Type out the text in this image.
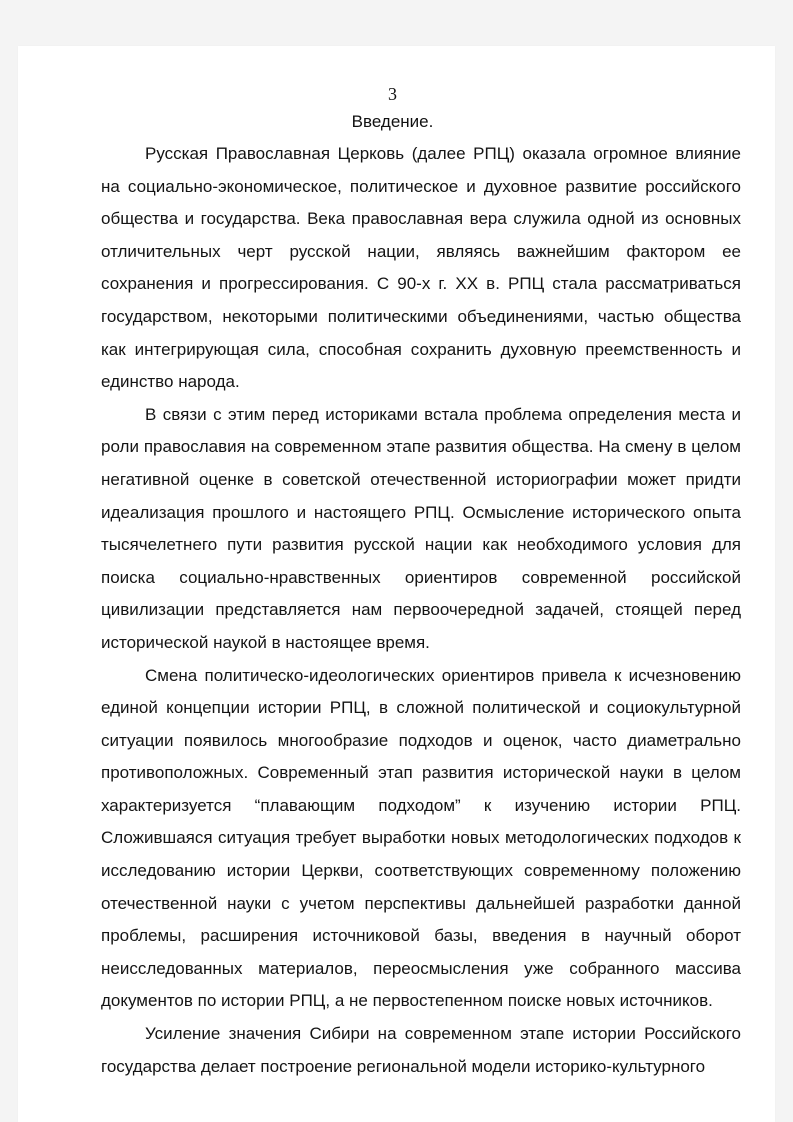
3
Введение.

Русская Православная Церковь (далее РПЦ) оказала огромное влияние на социально-экономическое, политическое и духовное развитие российского общества и государства. Века православная вера служила одной из основных отличительных черт русской нации, являясь важнейшим фактором ее сохранения и прогрессирования. С 90-х г. XX в. РПЦ стала рассматриваться государством, некоторыми политическими объединениями, частью общества как интегрирующая сила, способная сохранить духовную преемственность и единство народа.

В связи с этим перед историками встала проблема определения места и роли православия на современном этапе развития общества. На смену в целом негативной оценке в советской отечественной историографии может придти идеализация прошлого и настоящего РПЦ. Осмысление исторического опыта тысячелетнего пути развития русской нации как необходимого условия для поиска социально-нравственных ориентиров современной российской цивилизации представляется нам первоочередной задачей, стоящей перед исторической наукой в настоящее время.

Смена политическо-идеологических ориентиров привела к исчезновению единой концепции истории РПЦ, в сложной политической и социокультурной ситуации появилось многообразие подходов и оценок, часто диаметрально противоположных. Современный этап развития исторической науки в целом характеризуется “плавающим подходом” к изучению истории РПЦ. Сложившаяся ситуация требует выработки новых методологических подходов к исследованию истории Церкви, соответствующих современному положению отечественной науки с учетом перспективы дальнейшей разработки данной проблемы, расширения источниковой базы, введения в научный оборот неисследованных материалов, переосмысления уже собранного массива документов по истории РПЦ, а не первостепенном поиске новых источников.

Усиление значения Сибири на современном этапе истории Российского государства делает построение региональной модели историко-культурного
